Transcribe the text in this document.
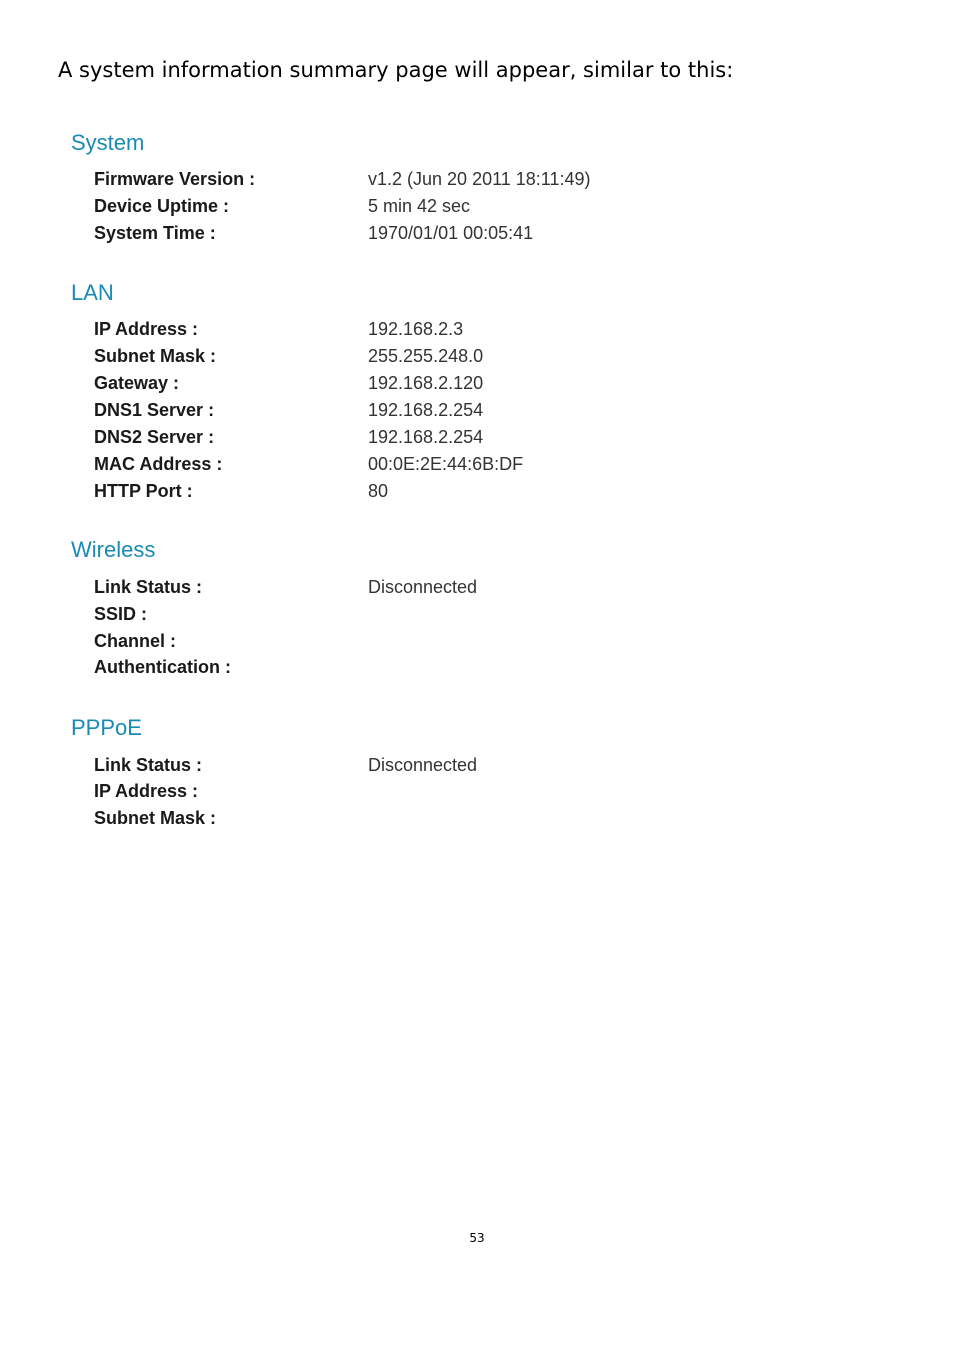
A system information summary page will appear, similar to this:
System
Firmware Version :	v1.2 (Jun 20 2011 18:11:49)
Device Uptime :	5 min 42 sec
System Time :	1970/01/01 00:05:41
LAN
IP Address :	192.168.2.3
Subnet Mask :	255.255.248.0
Gateway :	192.168.2.120
DNS1 Server :	192.168.2.254
DNS2 Server :	192.168.2.254
MAC Address :	00:0E:2E:44:6B:DF
HTTP Port :	80
Wireless
Link Status :	Disconnected
SSID :
Channel :
Authentication :
PPPoE
Link Status :	Disconnected
IP Address :
Subnet Mask :
53
